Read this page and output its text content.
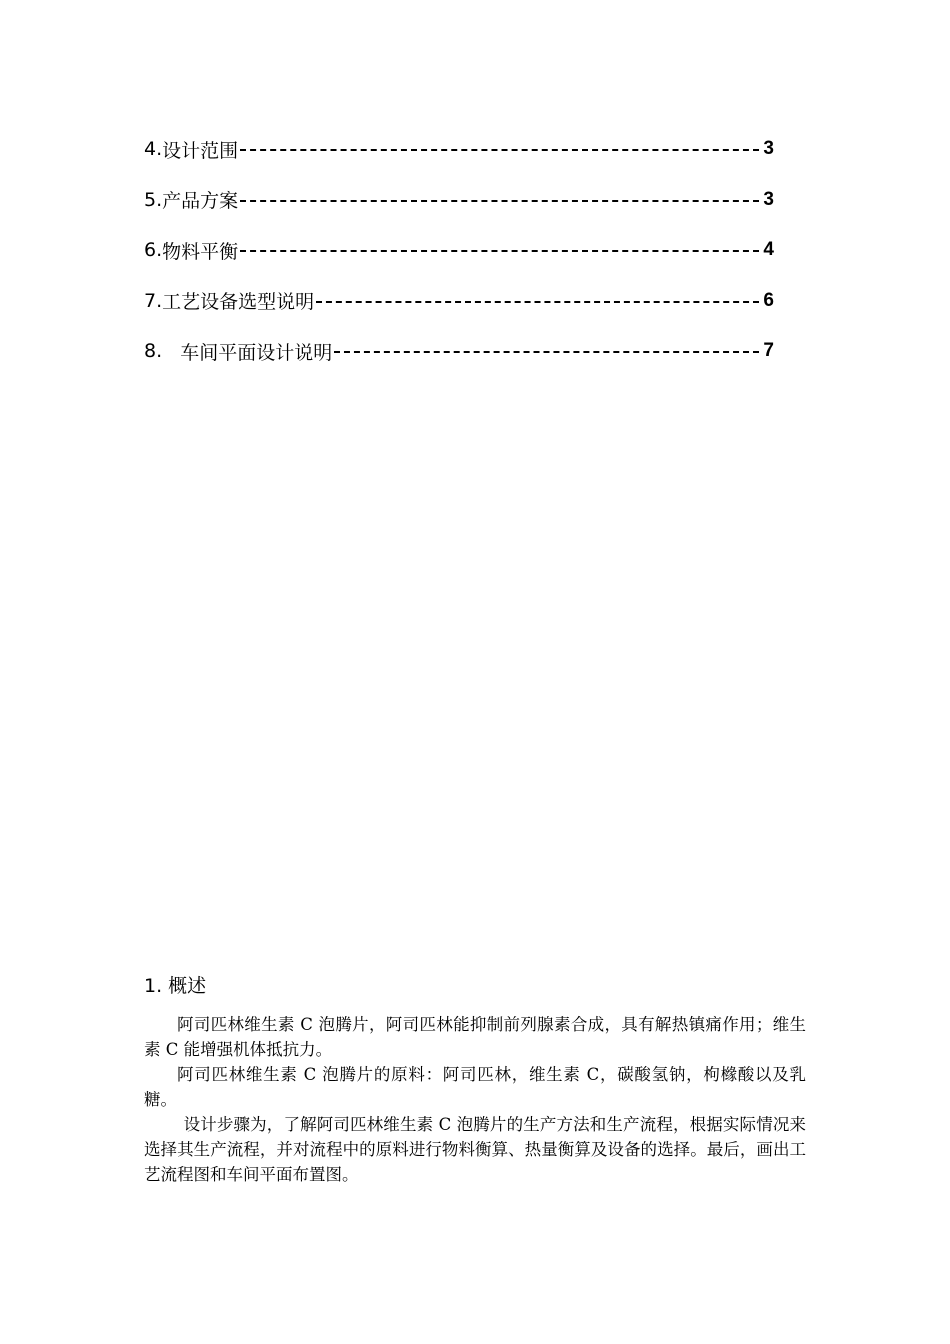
4. 设计范围	3
5. 产品方案	3
6. 物料平衡	4
7. 工艺设备选型说明	6
8. 车间平面设计说明	7
1. 概述

阿司匹林维生素 C 泡腾片，阿司匹林能抑制前列腺素合成，具有解热镇痛作用；维生素 C 能增强机体抵抗力。

阿司匹林维生素 C 泡腾片的原料：阿司匹林，维生素 C，碳酸氢钠，枸橼酸以及乳糖。

设计步骤为，了解阿司匹林维生素 C 泡腾片的生产方法和生产流程，根据实际情况来选择其生产流程，并对流程中的原料进行物料衡算、热量衡算及设备的选择。最后，画出工艺流程图和车间平面布置图。
